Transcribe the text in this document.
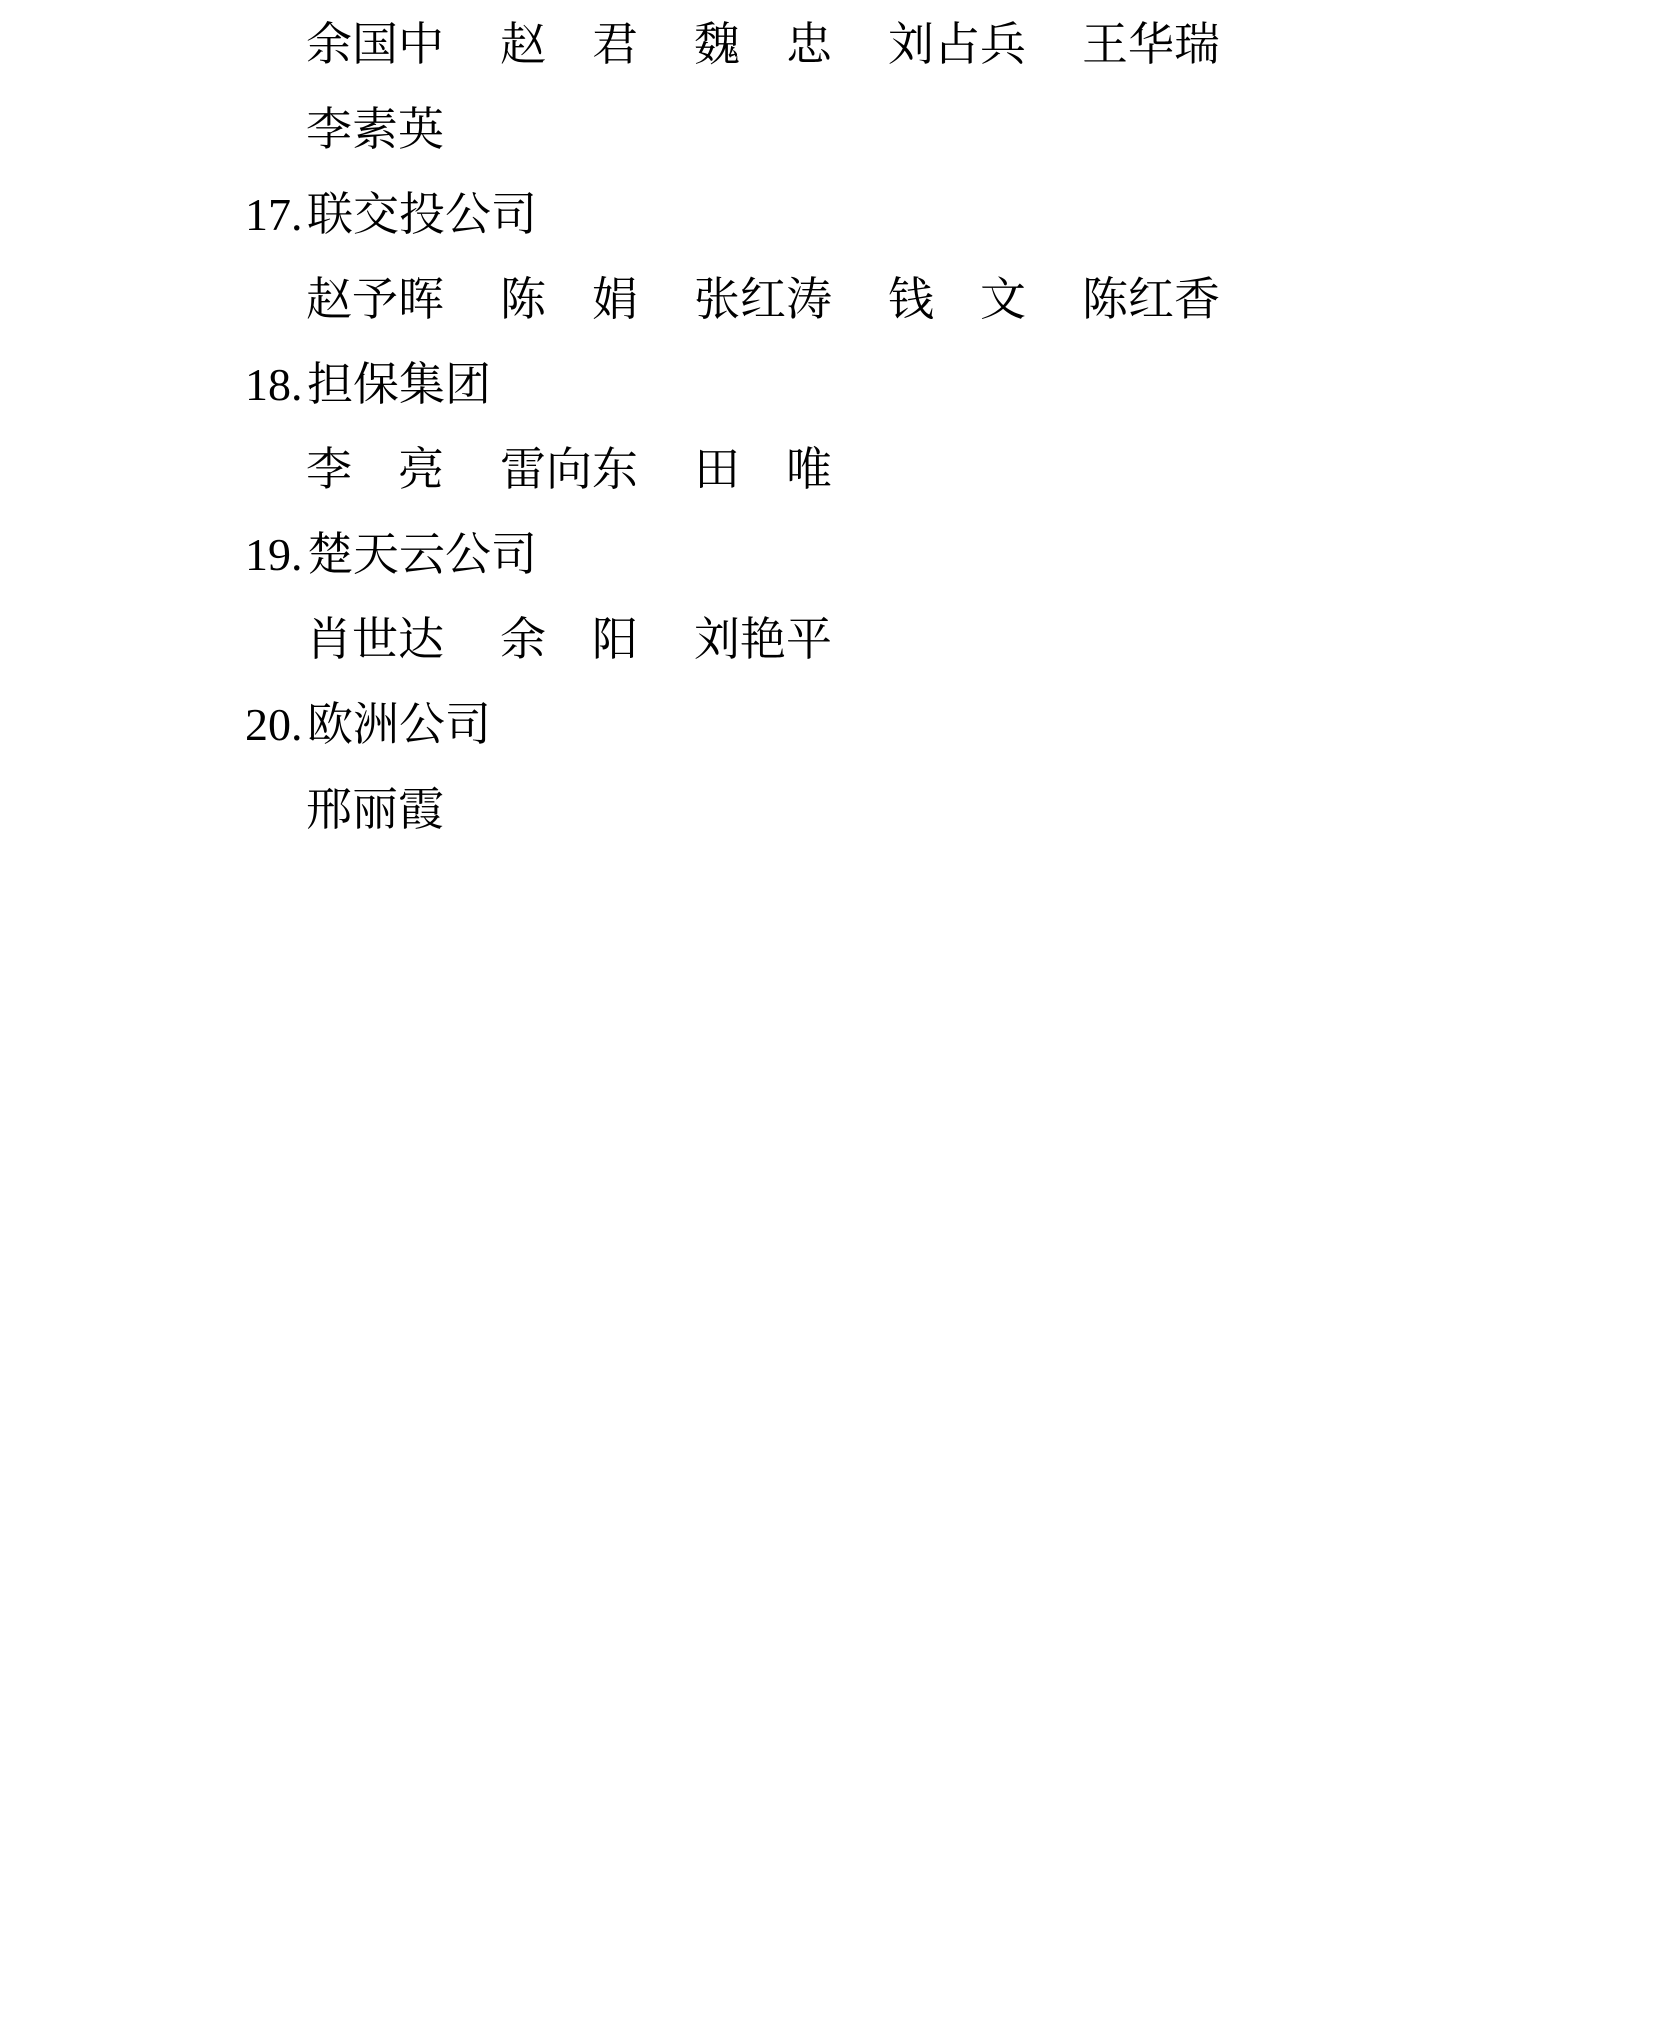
余国中 赵　君 魏　忠 刘占兵 王华瑞
李素英
17. 联交投公司
赵予晖 陈　娟 张红涛 钱　文 陈红香
18. 担保集团
李　亮 雷向东 田　唯
19. 楚天云公司
肖世达 余　阳 刘艳平
20. 欧洲公司
邢丽霞
